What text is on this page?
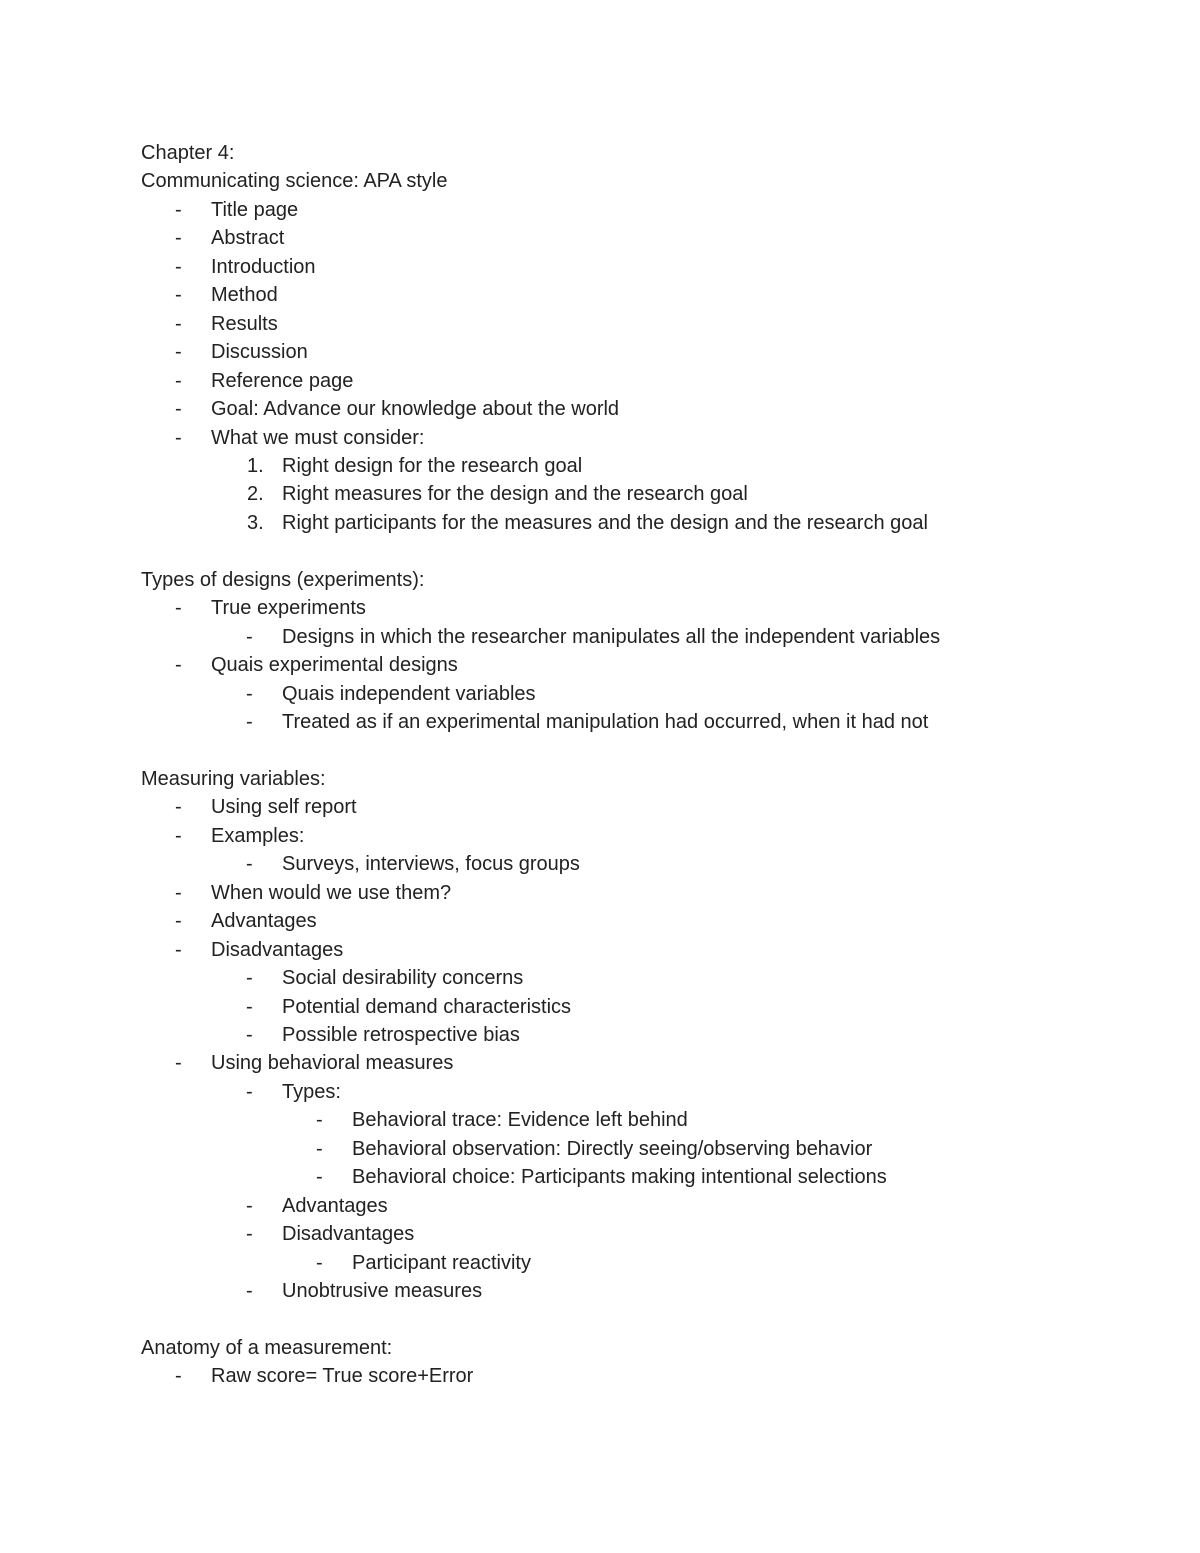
Chapter 4:
Communicating science: APA style
- Title page
- Abstract
- Introduction
- Method
- Results
- Discussion
- Reference page
- Goal: Advance our knowledge about the world
- What we must consider:
1. Right design for the research goal
2. Right measures for the design and the research goal
3. Right participants for the measures and the design and the research goal
Types of designs (experiments):
- True experiments
- Designs in which the researcher manipulates all the independent variables
- Quais experimental designs
- Quais independent variables
- Treated as if an experimental manipulation had occurred, when it had not
Measuring variables:
- Using self report
- Examples:
- Surveys, interviews, focus groups
- When would we use them?
- Advantages
- Disadvantages
- Social desirability concerns
- Potential demand characteristics
- Possible retrospective bias
- Using behavioral measures
- Types:
- Behavioral trace: Evidence left behind
- Behavioral observation: Directly seeing/observing behavior
- Behavioral choice: Participants making intentional selections
- Advantages
- Disadvantages
- Participant reactivity
- Unobtrusive measures
Anatomy of a measurement:
- Raw score= True score+Error
